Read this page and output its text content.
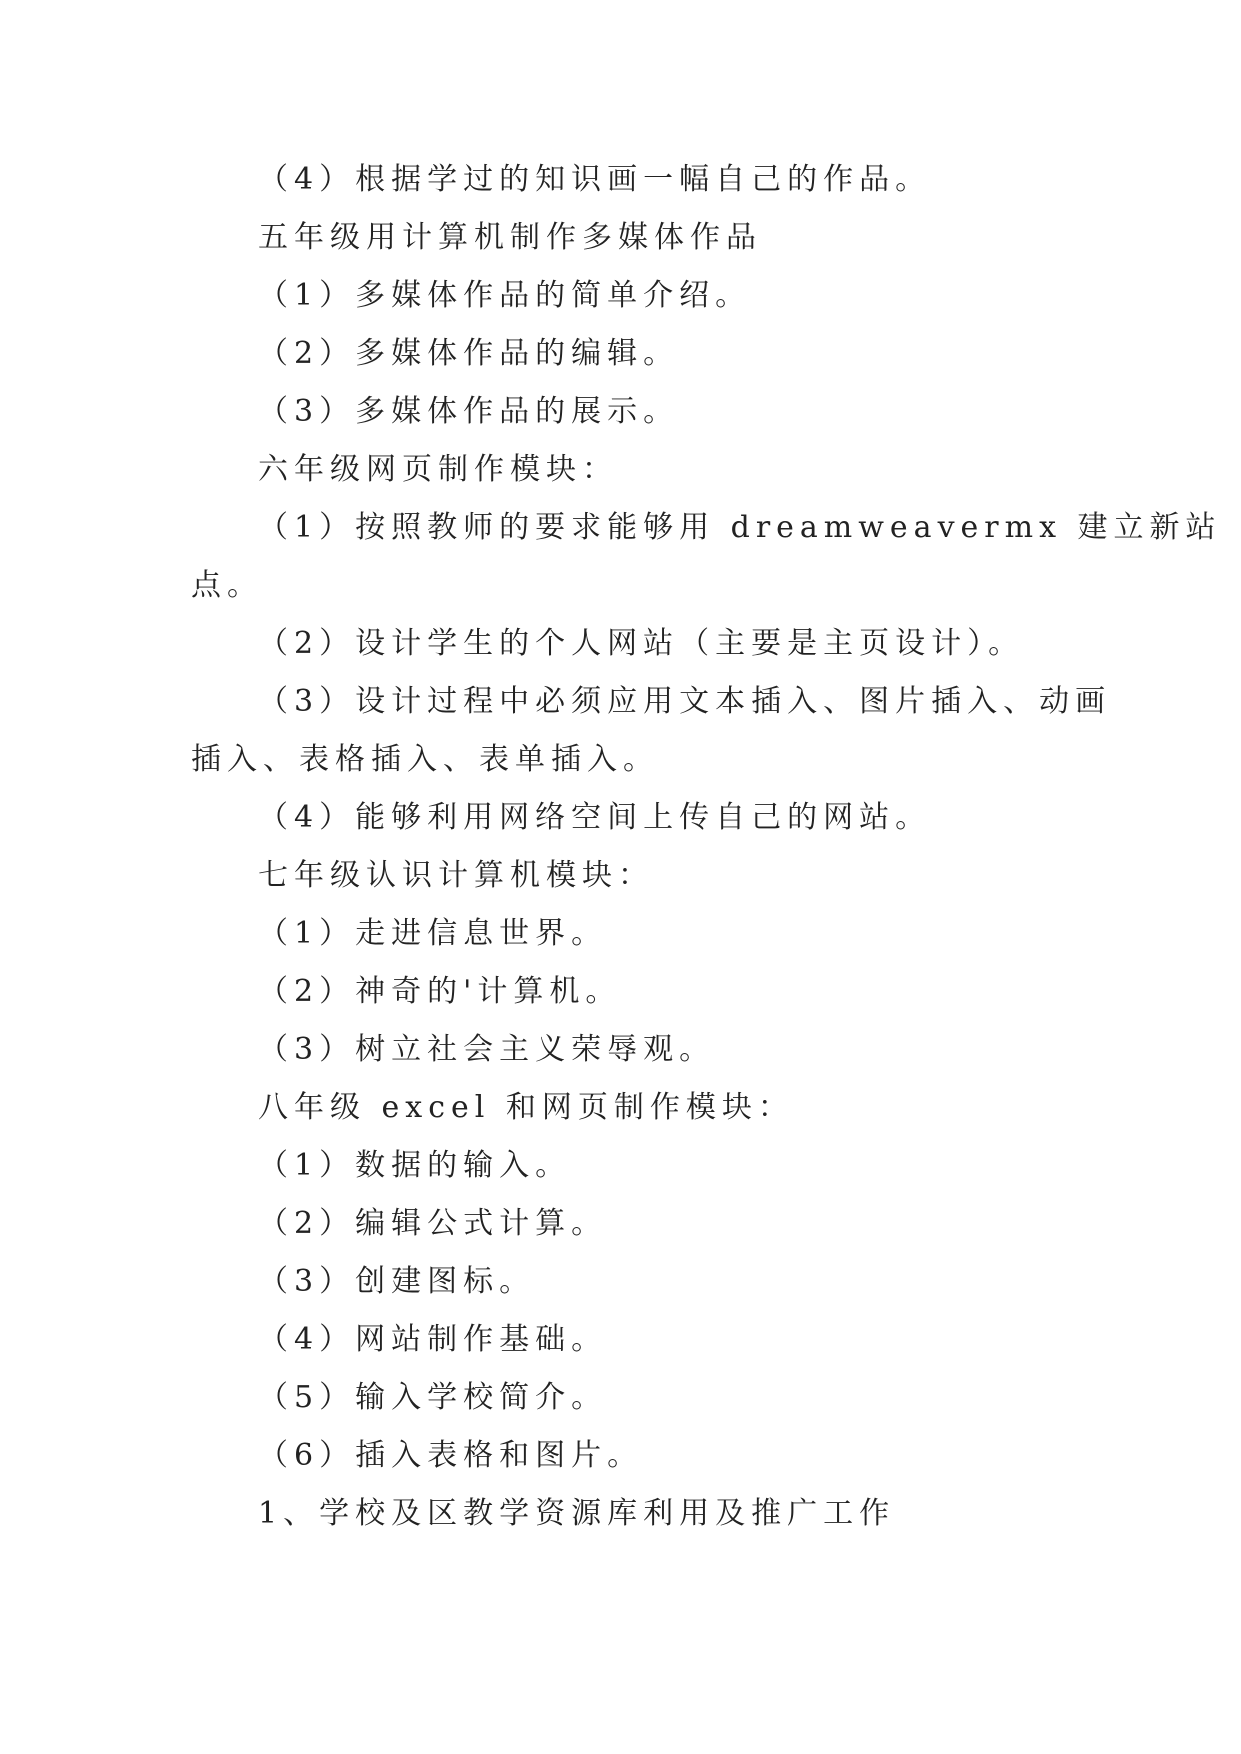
（4）根据学过的知识画一幅自己的作品。
五年级用计算机制作多媒体作品
（1）多媒体作品的简单介绍。
（2）多媒体作品的编辑。
（3）多媒体作品的展示。
六年级网页制作模块：
（1）按照教师的要求能够用 dreamweavermx 建立新站
点。
（2）设计学生的个人网站（主要是主页设计）。
（3）设计过程中必须应用文本插入、图片插入、动画
插入、表格插入、表单插入。
（4）能够利用网络空间上传自己的网站。
七年级认识计算机模块：
（1）走进信息世界。
（2）神奇的'计算机。
（3）树立社会主义荣辱观。
八年级 excel 和网页制作模块：
（1）数据的输入。
（2）编辑公式计算。
（3）创建图标。
（4）网站制作基础。
（5）输入学校简介。
（6）插入表格和图片。
1、学校及区教学资源库利用及推广工作
